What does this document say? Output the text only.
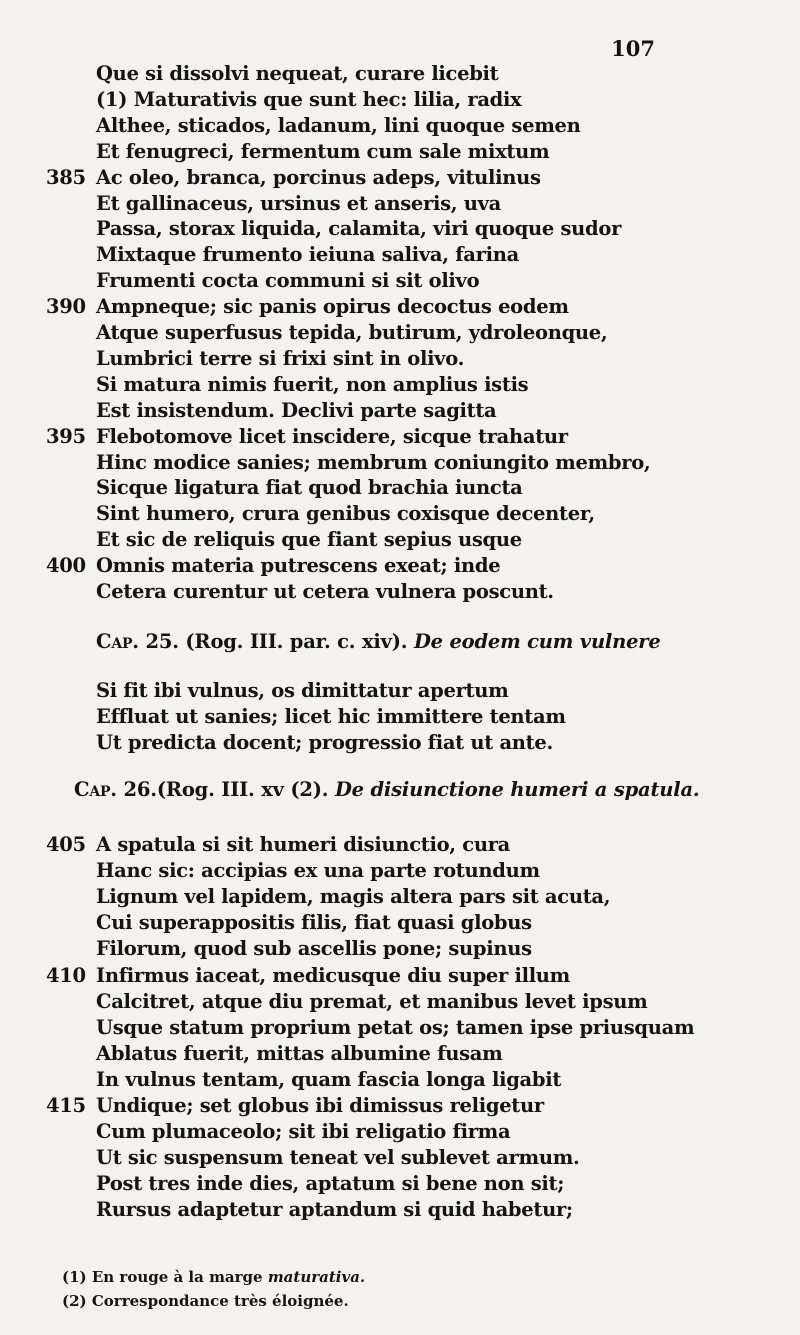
107
Que si dissolvi nequeat, curare licebit
(1) Maturativis que sunt hec: lilia, radix
Althee, sticados, ladanum, lini quoque semen
Et fenugreci, fermentum cum sale mixtum
385 Ac oleo, branca, porcinus adeps, vitulinus
Et gallinaceus, ursinus et anseris, uva
Passa, storax liquida, calamita, viri quoque sudor
Mixtaque frumento ieiuna saliva, farina
Frumenti cocta communi si sit olivo
390 Ampneque; sic panis opirus decoctus eodem
Atque superfusus tepida, butirum, ydroleonque,
Lumbrici terre si frixi sint in olivo.
Si matura nimis fuerit, non amplius istis
Est insistendum. Declivi parte sagitta
395 Flebotomove licet inscidere, sicque trahatur
Hinc modice sanies; membrum coniungito membro,
Sicque ligatura fiat quod brachia iuncta
Sint humero, crura genibus coxisque decenter,
Et sic de reliquis que fiant sepius usque
400 Omnis materia putrescens exeat; inde
Cetera curentur ut cetera vulnera poscunt.
Cap. 25. (Rog. III. par. c. xiv). De eodem cum vulnere
Si fit ibi vulnus, os dimittatur apertum
Effluat ut sanies; licet hic immittere tentam
Ut predicta docent; progressio fiat ut ante.
Cap. 26.(Rog. III. xv (2). De disiunctione humeri a spatula.
405 A spatula si sit humeri disiunctio, cura
Hanc sic: accipias ex una parte rotundum
Lignum vel lapidem, magis altera pars sit acuta,
Cui superappositis filis, fiat quasi globus
Filorum, quod sub ascellis pone; supinus
410 Infirmus iaceat, medicusque diu super illum
Calcitret, atque diu premat, et manibus levet ipsum
Usque statum proprium petat os; tamen ipse priusquam
Ablatus fuerit, mittas albumine fusam
In vulnus tentam, quam fascia longa ligabit
415 Undique; set globus ibi dimissus religetur
Cum plumaceolo; sit ibi religatio firma
Ut sic suspensum teneat vel sublevet armum.
Post tres inde dies, aptatum si bene non sit;
Rursus adaptetur aptandum si quid habetur;
(1) En rouge à la marge maturativa.
(2) Correspondance très éloignée.
